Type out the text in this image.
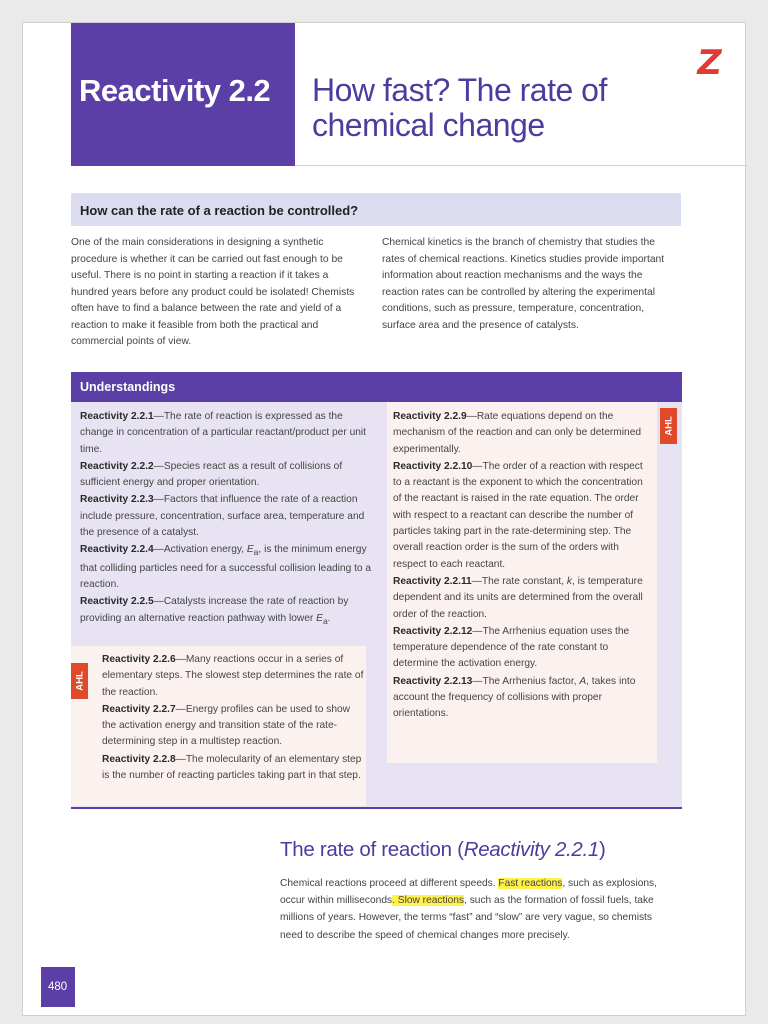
Reactivity 2.2	How fast? The rate of chemical change
Z
How can the rate of a reaction be controlled?
One of the main considerations in designing a synthetic procedure is whether it can be carried out fast enough to be useful. There is no point in starting a reaction if it takes a hundred years before any product could be isolated! Chemists often have to find a balance between the rate and yield of a reaction to make it feasible from both the practical and commercial points of view.
Chemical kinetics is the branch of chemistry that studies the rates of chemical reactions. Kinetics studies provide important information about reaction mechanisms and the ways the reaction rates can be controlled by altering the experimental conditions, such as pressure, temperature, concentration, surface area and the presence of catalysts.
Understandings

Reactivity 2.2.1—The rate of reaction is expressed as the change in concentration of a particular reactant/product per unit time.

Reactivity 2.2.2—Species react as a result of collisions of sufficient energy and proper orientation.

Reactivity 2.2.3—Factors that influence the rate of a reaction include pressure, concentration, surface area, temperature and the presence of a catalyst.

Reactivity 2.2.4—Activation energy, $E_a$, is the minimum energy that colliding particles need for a successful collision leading to a reaction.

Reactivity 2.2.5—Catalysts increase the rate of reaction by providing an alternative reaction pathway with lower $E_a$.

AHL

Reactivity 2.2.6—Many reactions occur in a series of elementary steps. The slowest step determines the rate of the reaction.

Reactivity 2.2.7—Energy profiles can be used to show the activation energy and transition state of the rate-determining step in a multistep reaction.

Reactivity 2.2.8—The molecularity of an elementary step is the number of reacting particles taking part in that step.

AHL

Reactivity 2.2.9—Rate equations depend on the mechanism of the reaction and can only be determined experimentally.

Reactivity 2.2.10—The order of a reaction with respect to a reactant is the exponent to which the concentration of the reactant is raised in the rate equation. The order with respect to a reactant can describe the number of particles taking part in the rate-determining step. The overall reaction order is the sum of the orders with respect to each reactant.

Reactivity 2.2.11—The rate constant, k, is temperature dependent and its units are determined from the overall order of the reaction.

Reactivity 2.2.12—The Arrhenius equation uses the temperature dependence of the rate constant to determine the activation energy.

Reactivity 2.2.13—The Arrhenius factor, A, takes into account the frequency of collisions with proper orientations.

The rate of reaction (Reactivity 2.2.1)
Chemical reactions proceed at different speeds. Fast reactions, such as explosions, occur within milliseconds. Slow reactions, such as the formation of fossil fuels, take millions of years. However, the terms “fast” and “slow” are very vague, so chemists need to describe the speed of chemical changes more precisely.
480
